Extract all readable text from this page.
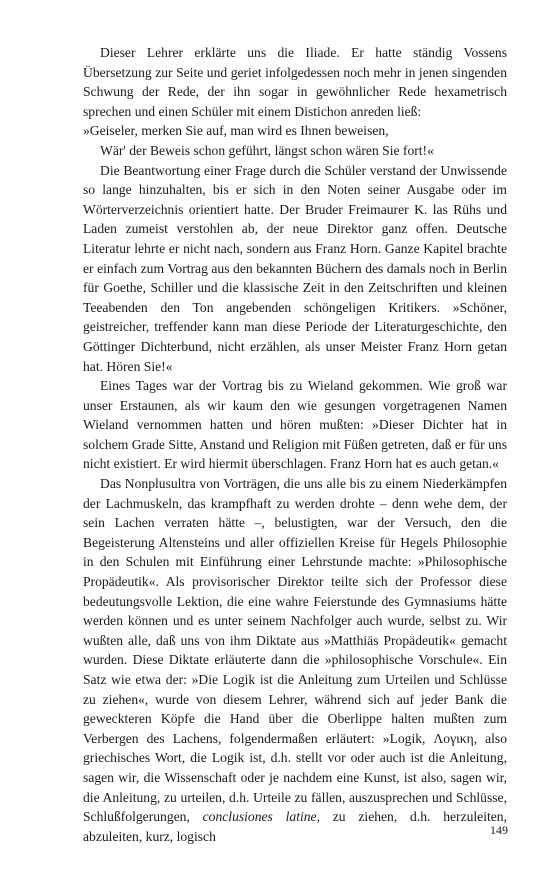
Dieser Lehrer erklärte uns die Iliade. Er hatte ständig Vossens Übersetzung zur Seite und geriet infolgedessen noch mehr in jenen singenden Schwung der Rede, der ihn sogar in gewöhnlicher Rede hexametrisch sprechen und einen Schüler mit einem Distichon anreden ließ:

»Geiseler, merken Sie auf, man wird es Ihnen beweisen,

Wär' der Beweis schon geführt, längst schon wären Sie fort!«

Die Beantwortung einer Frage durch die Schüler verstand der Unwissende so lange hinzuhalten, bis er sich in den Noten seiner Ausgabe oder im Wörterverzeichnis orientiert hatte. Der Bruder Freimaurer K. las Rühs und Laden zumeist verstohlen ab, der neue Direktor ganz offen. Deutsche Literatur lehrte er nicht nach, sondern aus Franz Horn. Ganze Kapitel brachte er einfach zum Vortrag aus den bekannten Büchern des damals noch in Berlin für Goethe, Schiller und die klassische Zeit in den Zeitschriften und kleinen Teeabenden den Ton angebenden schöngeligen Kritikers. »Schöner, geistreicher, treffender kann man diese Periode der Literaturgeschichte, den Göttinger Dichterbund, nicht erzählen, als unser Meister Franz Horn getan hat. Hören Sie!«

Eines Tages war der Vortrag bis zu Wieland gekommen. Wie groß war unser Erstaunen, als wir kaum den wie gesungen vorgetragenen Namen Wieland vernommen hatten und hören mußten: »Dieser Dichter hat in solchem Grade Sitte, Anstand und Religion mit Füßen getreten, daß er für uns nicht existiert. Er wird hiermit überschlagen. Franz Horn hat es auch getan.«

Das Nonplusultra von Vorträgen, die uns alle bis zu einem Niederkämpfen der Lachmuskeln, das krampfhaft zu werden drohte – denn wehe dem, der sein Lachen verraten hätte –, belustigten, war der Versuch, den die Begeisterung Altensteins und aller offiziellen Kreise für Hegels Philosophie in den Schulen mit Einführung einer Lehrstunde machte: »Philosophische Propädeutik«. Als provisorischer Direktor teilte sich der Professor diese bedeutungsvolle Lektion, die eine wahre Feierstunde des Gymnasiums hätte werden können und es unter seinem Nachfolger auch wurde, selbst zu. Wir wußten alle, daß uns von ihm Diktate aus »Matthiäs Propädeutik« gemacht wurden. Diese Diktate erläuterte dann die »philosophische Vorschule«. Ein Satz wie etwa der: »Die Logik ist die Anleitung zum Urteilen und Schlüsse zu ziehen«, wurde von diesem Lehrer, während sich auf jeder Bank die geweckteren Köpfe die Hand über die Oberlippe halten mußten zum Verbergen des Lachens, folgendermaßen erläutert: »Logik, Λογικη, also griechisches Wort, die Logik ist, d.h. stellt vor oder auch ist die Anleitung, sagen wir, die Wissenschaft oder je nachdem eine Kunst, ist also, sagen wir, die Anleitung, zu urteilen, d.h. Urteile zu fällen, auszusprechen und Schlüsse, Schlußfolgerungen, conclusiones latine, zu ziehen, d.h. herzuleiten, abzuleiten, kurz, logisch	149
